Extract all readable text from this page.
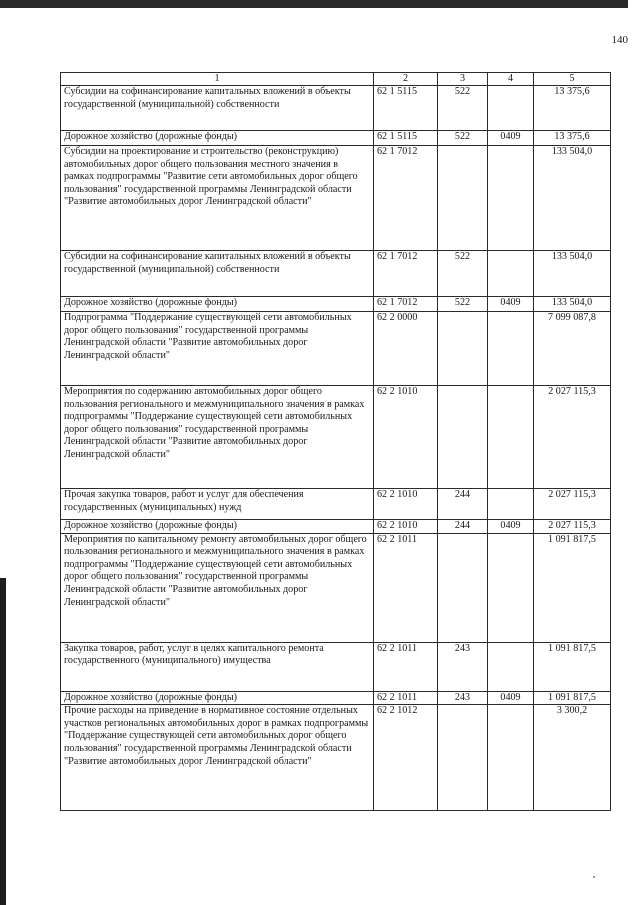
140
1	2	3	4	5
Субсидии на софинансирование капитальных вложений в объекты государственной (муниципальной) собственности	62 1 5115	522		13 375,6
Дорожное хозяйство (дорожные фонды)	62 1 5115	522	0409	13 375,6
Субсидии на проектирование и строительство (реконструкцию) автомобильных дорог общего пользования местного значения в рамках подпрограммы "Развитие сети автомобильных дорог общего пользования" государственной программы Ленинградской области "Развитие автомобильных дорог Ленинградской области"	62 1 7012			133 504,0
Субсидии на софинансирование капитальных вложений в объекты государственной (муниципальной) собственности	62 1 7012	522		133 504,0
Дорожное хозяйство (дорожные фонды)	62 1 7012	522	0409	133 504,0
Подпрограмма "Поддержание существующей сети автомобильных дорог общего пользования" государственной программы Ленинградской области "Развитие автомобильных дорог Ленинградской области"	62 2 0000			7 099 087,8
Мероприятия по содержанию автомобильных дорог общего пользования регионального и межмуниципального значения в рамках подпрограммы "Поддержание существующей сети автомобильных дорог общего пользования" государственной программы Ленинградской области "Развитие автомобильных дорог Ленинградской области"	62 2 1010			2 027 115,3
Прочая закупка товаров, работ и услуг для обеспечения государственных (муниципальных) нужд	62 2 1010	244		2 027 115,3
Дорожное хозяйство (дорожные фонды)	62 2 1010	244	0409	2 027 115,3
Мероприятия по капитальному ремонту автомобильных дорог общего пользования регионального и межмуниципального значения в рамках подпрограммы "Поддержание существующей сети автомобильных дорог общего пользования" государственной программы Ленинградской области "Развитие автомобильных дорог Ленинградской области"	62 2 1011			1 091 817,5
Закупка товаров, работ, услуг в целях капитального ремонта государственного (муниципального) имущества	62 2 1011	243		1 091 817,5
Дорожное хозяйство (дорожные фонды)	62 2 1011	243	0409	1 091 817,5
Прочие расходы на приведение в нормативное состояние отдельных участков региональных автомобильных дорог в рамках подпрограммы "Поддержание существующей сети автомобильных дорог общего пользования" государственной программы Ленинградской области "Развитие автомобильных дорог Ленинградской области"	62 2 1012			3 300,2
